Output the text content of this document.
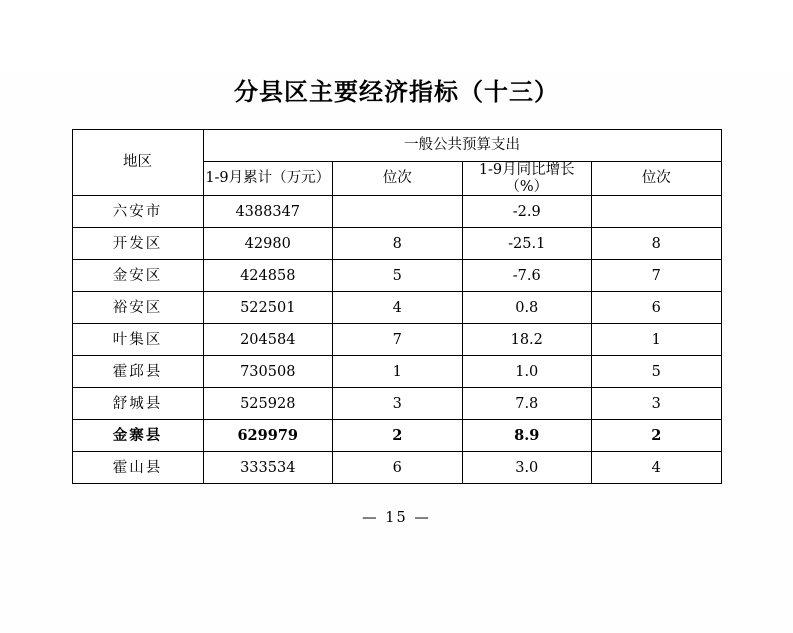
分县区主要经济指标（十三）
地区	一般公共预算支出			
	1-9月累计（万元）	位次	1-9月同比增长（%）	位次
六安市	4388347		-2.9	
开发区	42980	8	-25.1	8
金安区	424858	5	-7.6	7
裕安区	522501	4	0.8	6
叶集区	204584	7	18.2	1
霍邱县	730508	1	1.0	5
舒城县	525928	3	7.8	3
金寨县	629979	2	8.9	2
霍山县	333534	6	3.0	4
— 15 —
